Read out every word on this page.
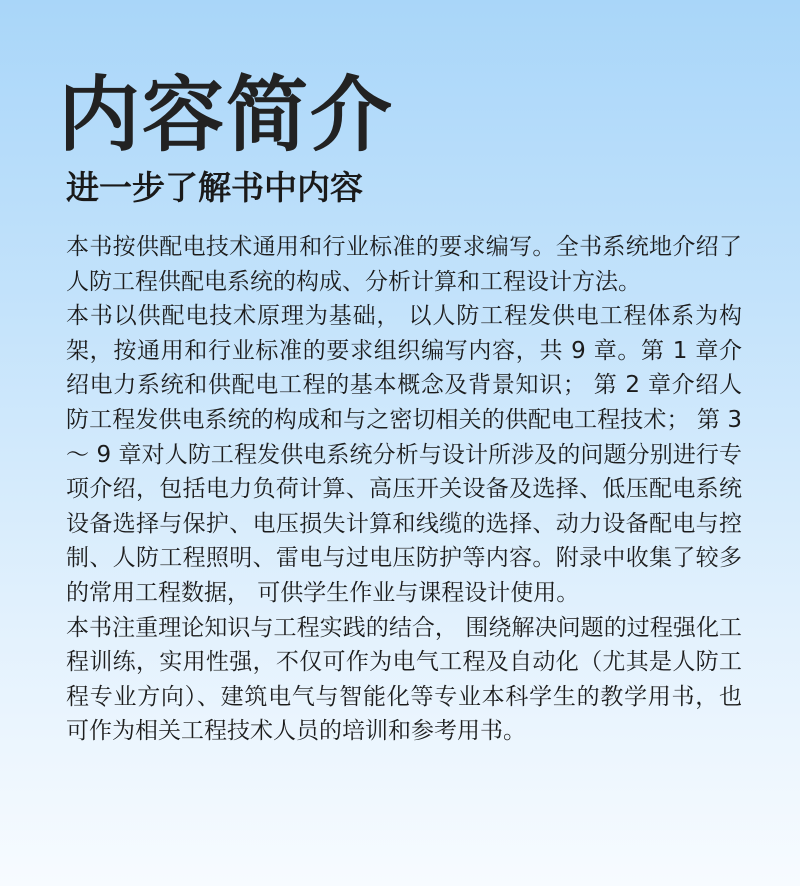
内容简介
进一步了解书中内容

本书按供配电技术通用和行业标准的要求编写。全书系统地介绍了人防工程供配电系统的构成、分析计算和工程设计方法。

本书以供配电技术原理为基础， 以人防工程发供电工程体系为构架，按通用和行业标准的要求组织编写内容，共 9 章。第 1 章介绍电力系统和供配电工程的基本概念及背景知识； 第 2 章介绍人防工程发供电系统的构成和与之密切相关的供配电工程技术； 第 3 ～ 9 章对人防工程发供电系统分析与设计所涉及的问题分别进行专项介绍，包括电力负荷计算、高压开关设备及选择、低压配电系统设备选择与保护、电压损失计算和线缆的选择、动力设备配电与控制、人防工程照明、雷电与过电压防护等内容。附录中收集了较多的常用工程数据， 可供学生作业与课程设计使用。

本书注重理论知识与工程实践的结合， 围绕解决问题的过程强化工程训练，实用性强，不仅可作为电气工程及自动化（尤其是人防工程专业方向）、建筑电气与智能化等专业本科学生的教学用书，也可作为相关工程技术人员的培训和参考用书。
